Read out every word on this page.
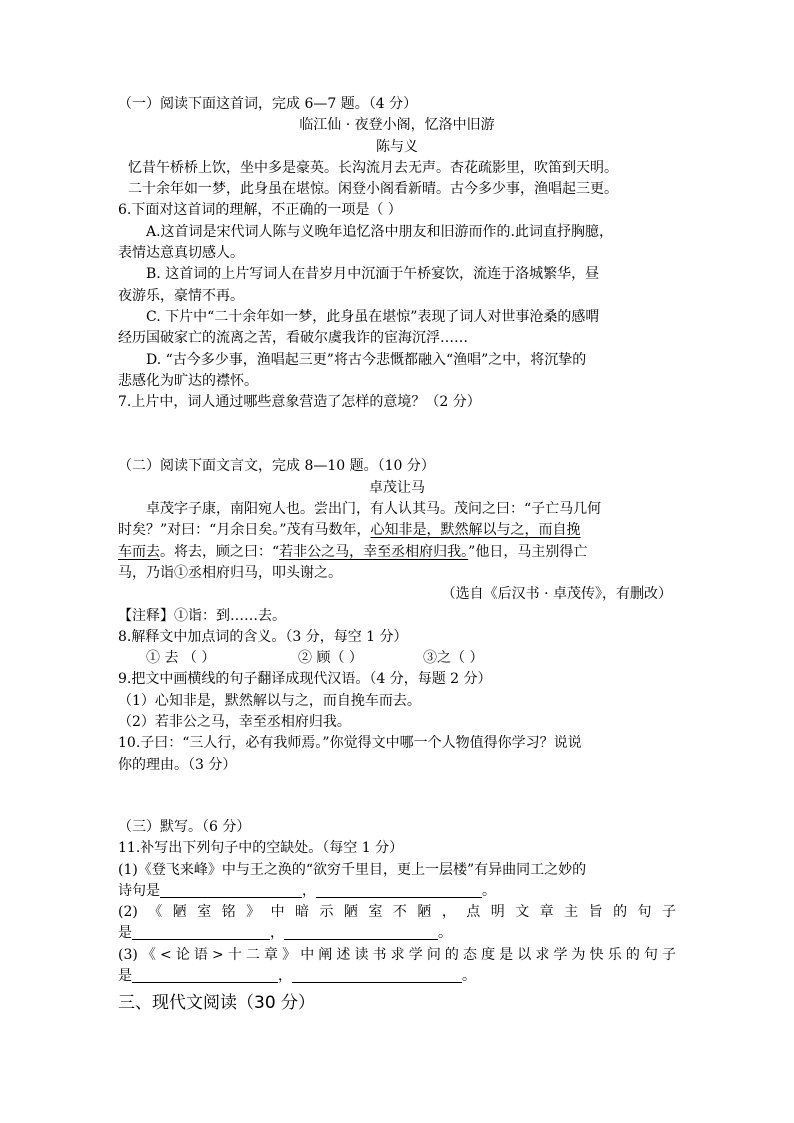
（一）阅读下面这首词，完成 6—7 题。（4 分）

临江仙 · 夜登小阁，忆洛中旧游

陈与义

忆昔午桥桥上饮，坐中多是豪英。长沟流月去无声。杏花疏影里，吹笛到天明。

二十余年如一梦，此身虽在堪惊。闲登小阁看新晴。古今多少事，渔唱起三更。

6.下面对这首词的理解，不正确的一项是（ ）

A.这首词是宋代词人陈与义晚年追忆洛中朋友和旧游而作的.此词直抒胸臆，

表情达意真切感人。

B. 这首词的上片写词人在昔岁月中沉湎于午桥宴饮，流连于洛城繁华，昼

夜游乐，豪情不再。

C. 下片中“二十余年如一梦，此身虽在堪惊”表现了词人对世事沧桑的感喟

经历国破家亡的流离之苦，看破尔虞我诈的宦海沉浮……

D. “古今多少事，渔唱起三更”将古今悲慨都融入“渔唱”之中，将沉挚的

悲感化为旷达的襟怀。

7.上片中，词人通过哪些意象营造了怎样的意境？（2 分）

（二）阅读下面文言文，完成 8—10 题。（10 分）

卓茂让马

卓茂字子康，南阳宛人也。尝出门，有人认其马。茂问之曰：“子亡马几何

时矣？”对曰：“月余日矣。”茂有马数年，心知非是，默然解以与之，而自挽

车而去。将去，顾之曰：“若非公之马，幸至丞相府归我。”他日，马主别得亡

马，乃诣①丞相府归马，叩头谢之。

（选自《后汉书 · 卓茂传》，有删改）

【注释】①诣：到……去。

8.解释文中加点词的含义。（3 分，每空 1 分）

① 去 （ ）	② 顾（ ）	③之（ ）

9.把文中画横线的句子翻译成现代汉语。（4 分，每题 2 分）

（1）心知非是，默然解以与之，而自挽车而去。

（2）若非公之马，幸至丞相府归我。

10.子曰：“三人行，必有我师焉。”你觉得文中哪一个人物值得你学习？说说

你的理由。（3 分）

（三）默写。（6 分）

11.补写出下列句子中的空缺处。（每空 1 分）

(1)《登飞来峰》中与王之涣的“欲穷千里目，更上一层楼”有异曲同工之妙的

诗句是	，	。

(2)《陋室铭》中暗示陋室不陋，点明文章主旨的句子

是	，	。

(3)《<论语>十二章》中阐述读书求学问的态度是以求学为快乐的句子

是	，	。

三、现代文阅读（30 分）
